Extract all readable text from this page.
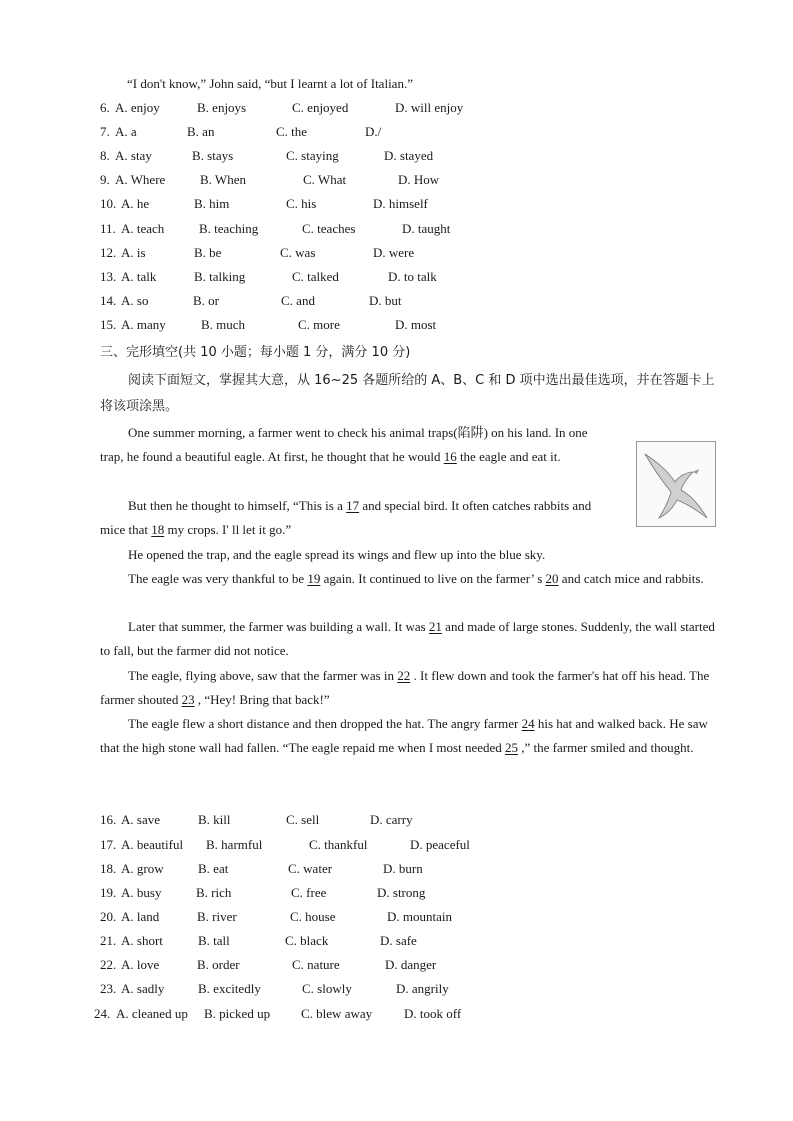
“I don't know,” John said, “but I learnt a lot of Italian.”
6. A. enjoy	B. enjoys	C. enjoyed	D. will enjoy
7. A. a	B. an	C. the	D./
8. A. stay	B. stays	C. staying	D. stayed
9. A. Where	B. When	C. What	D. How
10. A. he	B. him	C. his	D. himself
11. A. teach	B. teaching	C. teaches	D. taught
12. A. is	B. be	C. was	D. were
13. A. talk	B. talking	C. talked	D. to talk
14. A. so	B. or	C. and	D. but
15. A. many	B. much	C. more	D. most
三、完形填空(共 10 小题；每小题 1 分，满分 10 分)
阅读下面短文，掌握其大意，从 16~25 各题所给的 A、B、C 和 D 项中选出最佳选项，并在答题卡上将该项涂黑。

One summer morning, a farmer went to check his animal traps(陷阱) on his land. In one trap, he found a beautiful eagle. At first, he thought that he would 16 the eagle and eat it.

But then he thought to himself, “This is a 17 and special bird. It often catches rabbits and mice that 18 my crops. I' ll let it go.”

He opened the trap, and the eagle spread its wings and flew up into the blue sky.

The eagle was very thankful to be 19 again. It continued to live on the farmer’ s 20 and catch mice and rabbits.

Later that summer, the farmer was building a wall. It was 21 and made of large stones. Suddenly, the wall started to fall, but the farmer did not notice.

The eagle, flying above, saw that the farmer was in 22 . It flew down and took the farmer's hat off his head. The farmer shouted 23 , “Hey! Bring that back!”

The eagle flew a short distance and then dropped the hat. The angry farmer 24 his hat and walked back. He saw that the high stone wall had fallen. “The eagle repaid me when I most needed 25 ,” the farmer smiled and thought.

16. A. save	B. kill	C. sell	D. carry
17. A. beautiful B. harmful	C. thankful	D. peaceful
18. A. grow	B. eat	C. water	D. burn
19. A. busy	B. rich	C. free	D. strong
20. A. land	B. river	C. house	D. mountain
21. A. short	B. tall	C. black	D. safe
22. A. love	B. order	C. nature	D. danger
23. A. sadly	B. excitedly	C. slowly	D. angrily
24. A. cleaned up B. picked up C. blew away D. took off
